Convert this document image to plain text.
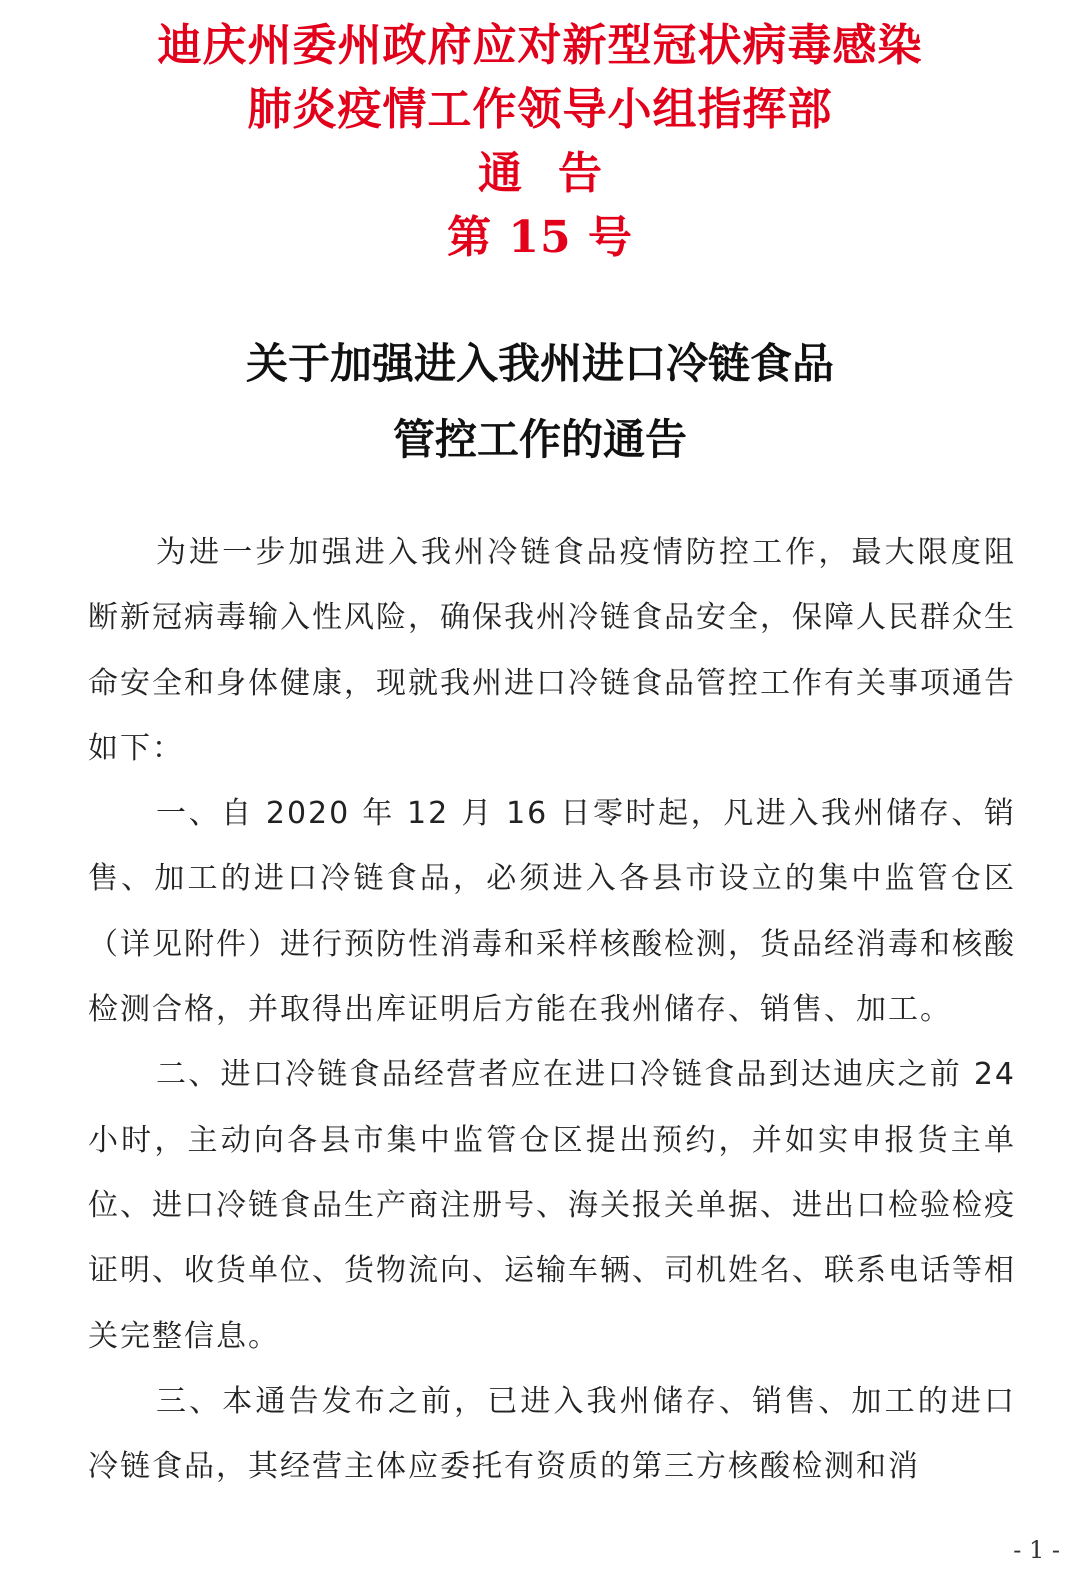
迪庆州委州政府应对新型冠状病毒感染
肺炎疫情工作领导小组指挥部
通告
第 15 号
关于加强进入我州进口冷链食品
管控工作的通告

为进一步加强进入我州冷链食品疫情防控工作，最大限度阻断新冠病毒输入性风险，确保我州冷链食品安全，保障人民群众生命安全和身体健康，现就我州进口冷链食品管控工作有关事项通告如下：

一、自 2020 年 12 月 16 日零时起，凡进入我州储存、销售、加工的进口冷链食品，必须进入各县市设立的集中监管仓区（详见附件）进行预防性消毒和采样核酸检测，货品经消毒和核酸检测合格，并取得出库证明后方能在我州储存、销售、加工。

二、进口冷链食品经营者应在进口冷链食品到达迪庆之前 24 小时，主动向各县市集中监管仓区提出预约，并如实申报货主单位、进口冷链食品生产商注册号、海关报关单据、进出口检验检疫证明、收货单位、货物流向、运输车辆、司机姓名、联系电话等相关完整信息。

三、本通告发布之前，已进入我州储存、销售、加工的进口冷链食品，其经营主体应委托有资质的第三方核酸检测和消

- 1 -
